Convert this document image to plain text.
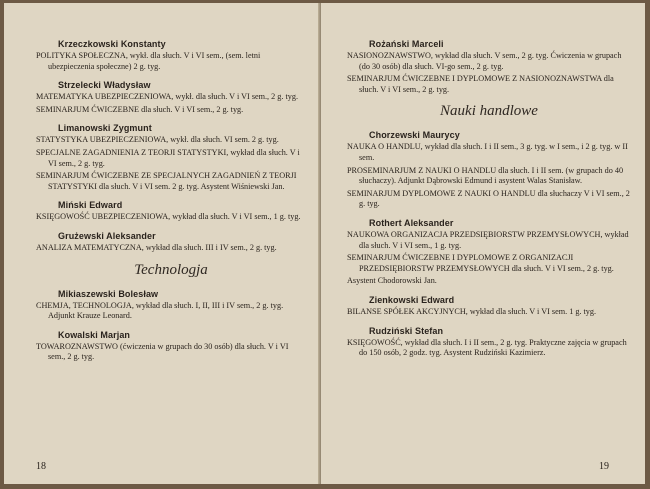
Krzeczkowski Konstanty
POLITYKA SPOŁECZNA, wykł. dla słuch. V i VI sem., (sem. letni ubezpieczenia społeczne) 2 g. tyg.
Strzelecki Władysław
MATEMATYKA UBEZPIECZENIOWA, wykł. dla słuch. V i VI sem., 2 g. tyg.
SEMINARJUM ĆWICZEBNE dla słuch. V i VI sem., 2 g. tyg.
Limanowski Zygmunt
STATYSTYKA UBEZPIECZENIOWA, wykł. dla słuch. VI sem. 2 g. tyg.
SPECJALNE ZAGADNIENIA Z TEORJI STATYSTYKI, wykład dla słuch. V i VI sem., 2 g. tyg.
SEMINARJUM ĆWICZEBNE ZE SPECJALNYCH ZAGADNIEŃ Z TEORJI STATYSTYKI dla słuch. V i VI sem. 2 g. tyg. Asystent Wiśniewski Jan.
Miński Edward
KSIĘGOWOŚĆ UBEZPIECZENIOWA, wykład dla słuch. V i VI sem., 1 g. tyg.
Grużewski Aleksander
ANALIZA MATEMATYCZNA, wykład dla słuch. III i IV sem., 2 g. tyg.
Technologja
Mikiaszewski Bolesław
CHEMJA, TECHNOLOGJA, wykład dla słuch. I, II, III i IV sem., 2 g. tyg. Adjunkt Krauze Leonard.
Kowalski Marjan
TOWAROZNAWSTWO (ćwiczenia w grupach do 30 osób) dla słuch. V i VI sem., 2 g. tyg.
18
Rożański Marceli
NASIONOZNAWSTWO, wykład dla słuch. V sem., 2 g. tyg. Ćwiczenia w grupach (do 30 osób) dla słuch. VI-go sem., 2 g. tyg.
SEMINARJUM ĆWICZEBNE I DYPLOMOWE Z NASIONOZNAWSTWA dla słuch. V i VI sem., 2 g. tyg.
Nauki handlowe
Chorzewski Maurycy
NAUKA O HANDLU, wykład dla słuch. I i II sem., 3 g. tyg. w I sem., i 2 g. tyg. w II sem.
PROSEMINARJUM Z NAUKI O HANDLU dla słuch. I i II sem. (w grupach do 40 słuchaczy). Adjunkt Dąbrowski Edmund i asystent Walas Stanisław.
SEMINARJUM DYPLOMOWE Z NAUKI O HANDLU dla słuchaczy V i VI sem., 2 g. tyg.
Rothert Aleksander
NAUKOWA ORGANIZACJA PRZEDSIĘBIORSTW PRZEMYSŁOWYCH, wykład dla słuch. V i VI sem., 1 g. tyg.
SEMINARJUM ĆWICZEBNE I DYPLOMOWE Z ORGANIZACJI PRZEDSIĘBIORSTW PRZEMYSŁOWYCH dla słuch. V i VI sem., 2 g. tyg.
Asystent Chodorowski Jan.
Zienkowski Edward
BILANSE SPÓŁEK AKCYJNYCH, wykład dla słuch. V i VI sem. 1 g. tyg.
Rudziński Stefan
KSIĘGOWOŚĆ, wykład dla słuch. I i II sem., 2 g. tyg. Praktyczne zajęcia w grupach do 150 osób, 2 godz. tyg. Asystent Rudziński Kazimierz.
19
